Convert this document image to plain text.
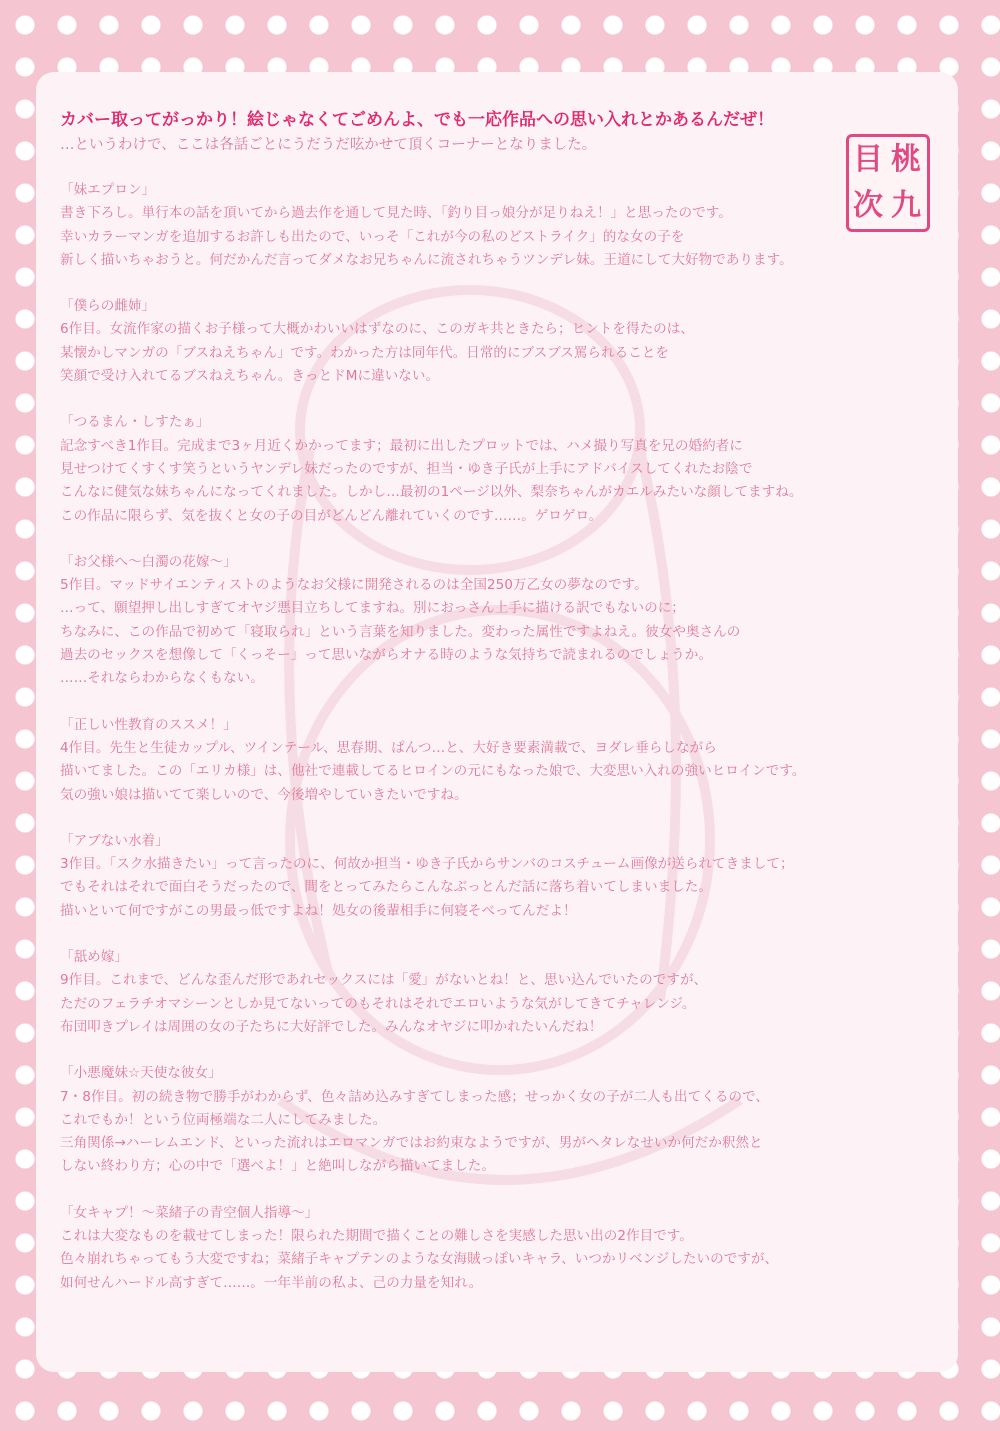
目 桃
次 九

カバー取ってがっかり！絵じゃなくてごめんよ、でも一応作品への思い入れとかあるんだぜ！

…というわけで、ここは各話ごとにうだうだ呟かせて頂くコーナーとなりました。

「妹エプロン」

書き下ろし。単行本の話を頂いてから過去作を通して見た時、「釣り目っ娘分が足りねえ！」と思ったのです。

幸いカラーマンガを追加するお許しも出たので、いっそ「これが今の私のどストライク」的な女の子を

新しく描いちゃおうと。何だかんだ言ってダメなお兄ちゃんに流されちゃうツンデレ妹。王道にして大好物であります。

「僕らの雌姉」

6作目。女流作家の描くお子様って大概かわいいはずなのに、このガキ共ときたら；ヒントを得たのは、

某懐かしマンガの「ブスねえちゃん」です。わかった方は同年代。日常的にブスブス罵られることを

笑顔で受け入れてるブスねえちゃん。きっとドMに違いない。

「つるまん・しすたぁ」

記念すべき1作目。完成まで3ヶ月近くかかってます；最初に出したプロットでは、ハメ撮り写真を兄の婚約者に

見せつけてくすくす笑うというヤンデレ妹だったのですが、担当・ゆき子氏が上手にアドバイスしてくれたお陰で

こんなに健気な妹ちゃんになってくれました。しかし…最初の1ページ以外、梨奈ちゃんがカエルみたいな顔してますね。

この作品に限らず、気を抜くと女の子の目がどんどん離れていくのです……。ゲロゲロ。

「お父様へ～白濁の花嫁～」

5作目。マッドサイエンティストのようなお父様に開発されるのは全国250万乙女の夢なのです。

…って、願望押し出しすぎてオヤジ悪目立ちしてますね。別におっさん上手に描ける訳でもないのに；

ちなみに、この作品で初めて「寝取られ」という言葉を知りました。変わった属性ですよねえ。彼女や奥さんの

過去のセックスを想像して「くっそー」って思いながらオナる時のような気持ちで読まれるのでしょうか。

……それならわからなくもない。

「正しい性教育のススメ！」

4作目。先生と生徒カップル、ツインテール、思春期、ぱんつ…と、大好き要素満載で、ヨダレ垂らしながら

描いてました。この「エリカ様」は、他社で連載してるヒロインの元にもなった娘で、大変思い入れの強いヒロインです。

気の強い娘は描いてて楽しいので、今後増やしていきたいですね。

「アブない水着」

3作目。「スク水描きたい」って言ったのに、何故か担当・ゆき子氏からサンバのコスチューム画像が送られてきまして；

でもそれはそれで面白そうだったので、間をとってみたらこんなぶっとんだ話に落ち着いてしまいました。

描いといて何ですがこの男最っ低ですよね！処女の後輩相手に何寝そべってんだよ！

「舐め嫁」

9作目。これまで、どんな歪んだ形であれセックスには「愛」がないとね！と、思い込んでいたのですが、

ただのフェラチオマシーンとしか見てないってのもそれはそれでエロいような気がしてきてチャレンジ。

布団叩きプレイは周囲の女の子たちに大好評でした。みんなオヤジに叩かれたいんだね！

「小悪魔妹☆天使な彼女」

7・8作目。初の続き物で勝手がわからず、色々詰め込みすぎてしまった感；せっかく女の子が二人も出てくるので、

これでもか！という位両極端な二人にしてみました。

三角関係→ハーレムエンド、といった流れはエロマンガではお約束なようですが、男がヘタレなせいか何だか釈然と

しない終わり方；心の中で「選べよ！」と絶叫しながら描いてました。

「女キャプ！～菜緒子の青空個人指導～」

これは大変なものを載せてしまった！限られた期間で描くことの難しさを実感した思い出の2作目です。

色々崩れちゃってもう大変ですね；菜緒子キャプテンのような女海賊っぽいキャラ、いつかリベンジしたいのですが、

如何せんハードル高すぎて……。一年半前の私よ、己の力量を知れ。
